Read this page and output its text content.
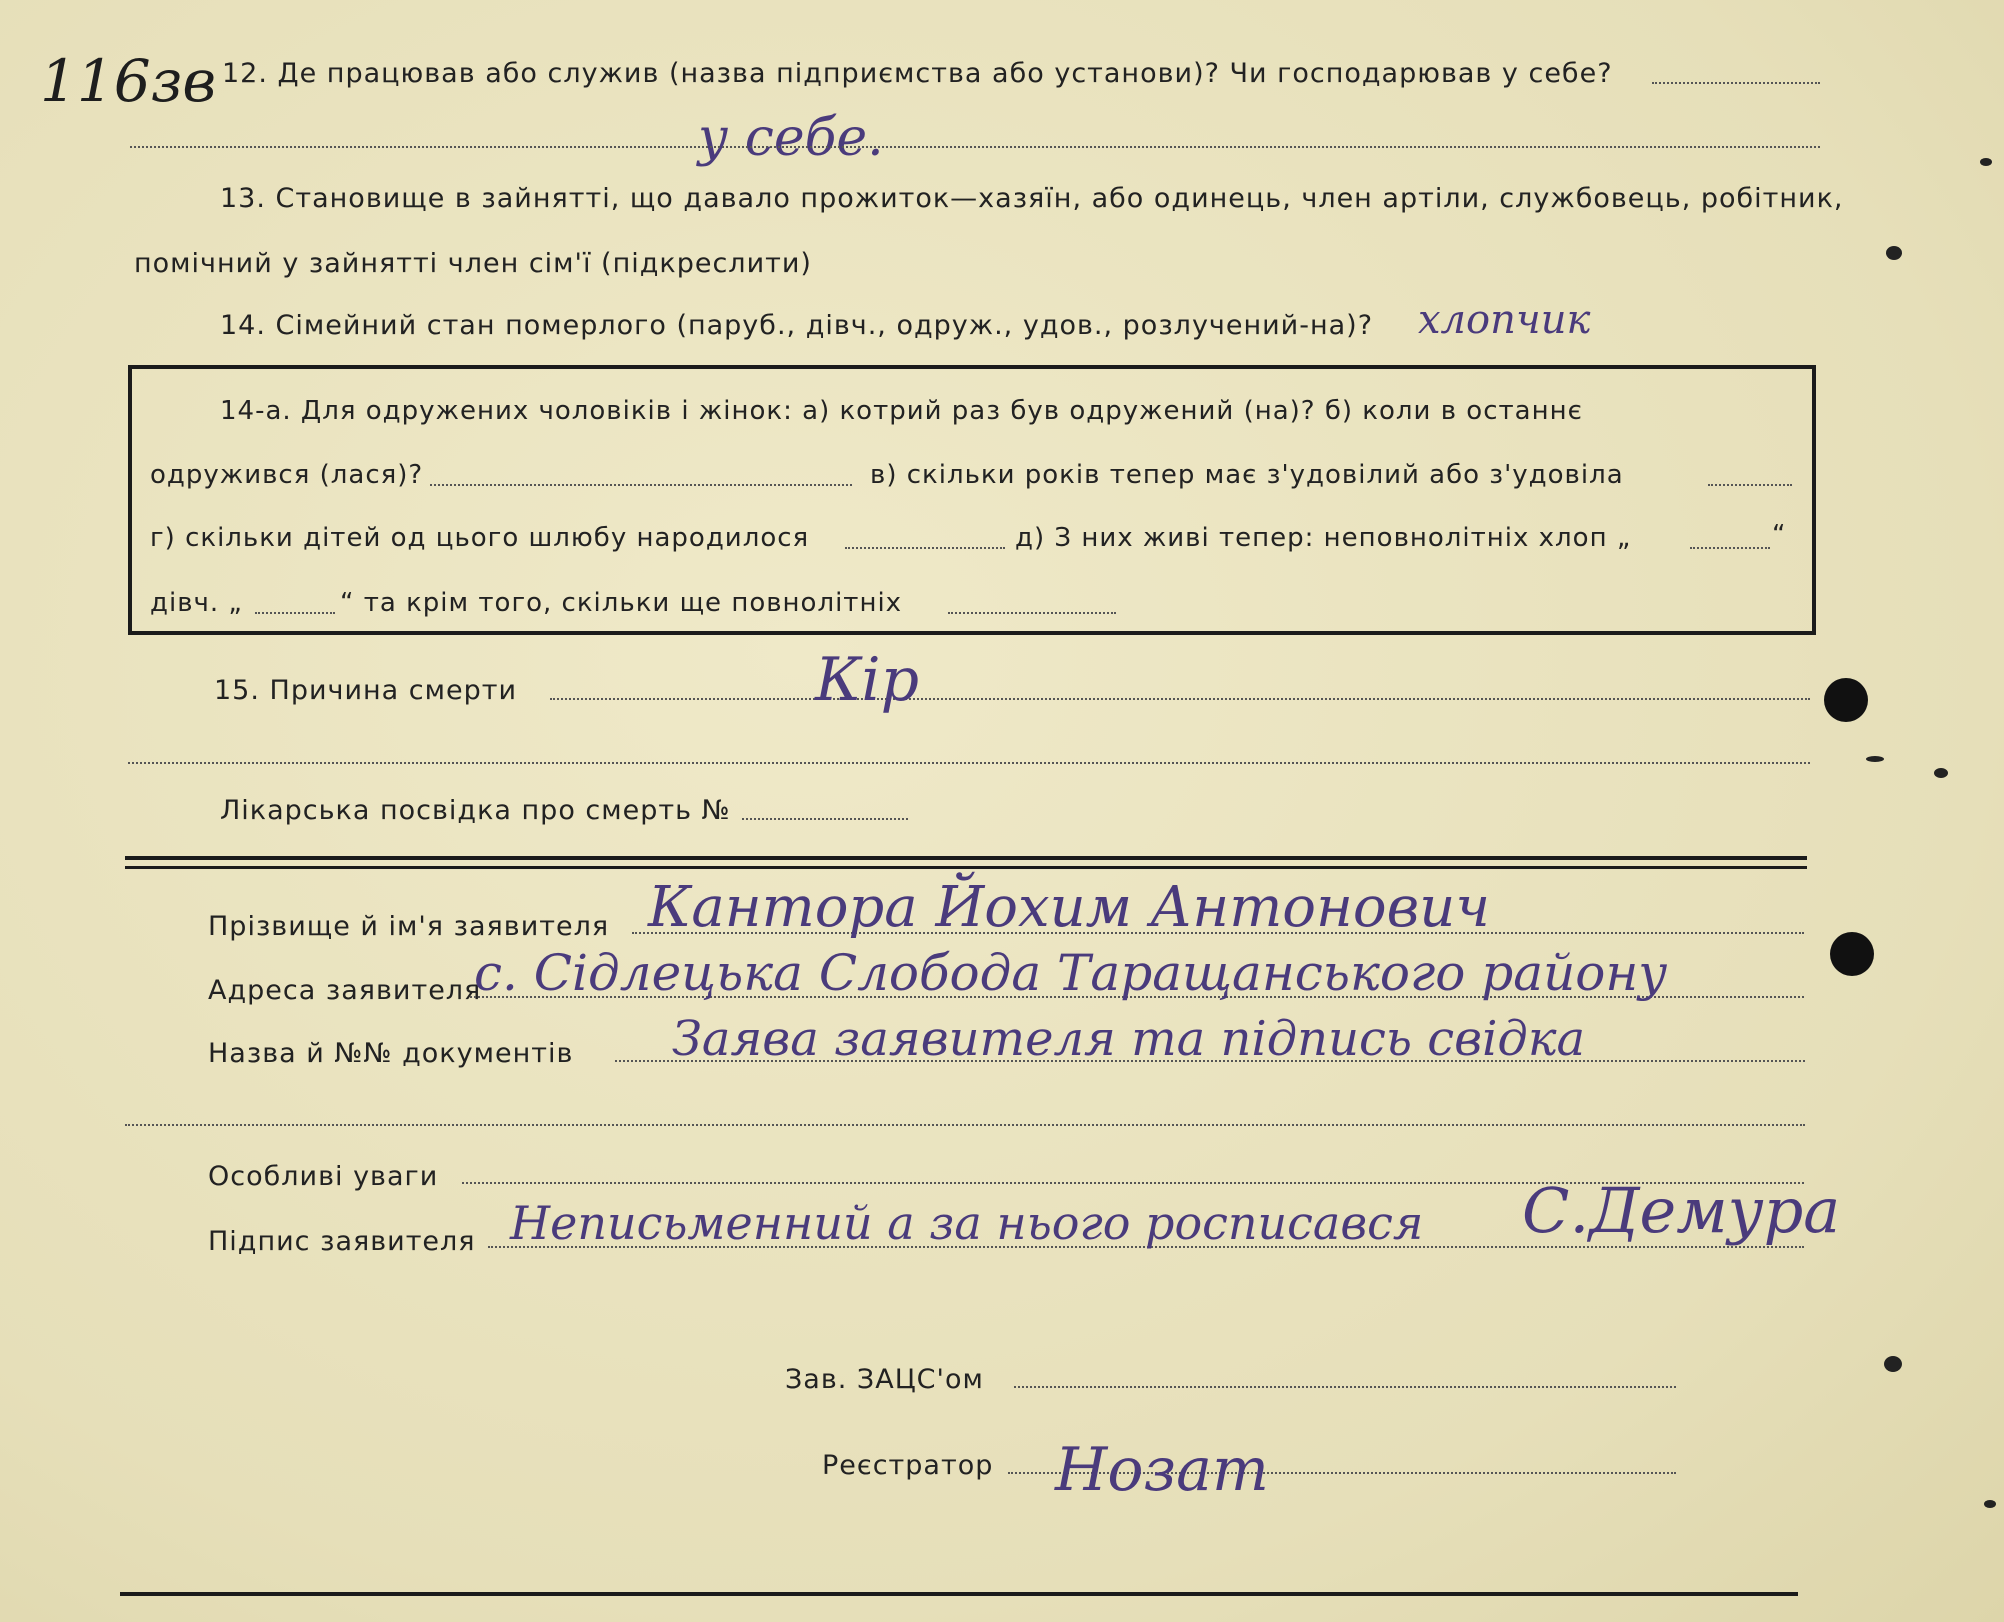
116зв 12. Де працював або служив (назва підприємства або установи)? Чи господарював у себе?
у себе.
13. Становище в зайнятті, що давало прожиток—хазяїн, або одинець, член артіли, службовець, робітник,
помічний у зайнятті член сім'ї (підкреслити)
14. Сімейний стан померлого (паруб., дівч., одруж., удов., розлучений-на)? хлопчик
14-а. Для одружених чоловіків і жінок: а) котрий раз був одружений (на)? б) коли в останнє
одружився (лася)?	в) скільки років тепер має з'удовілий або з'удовіла
г) скільки дітей од цього шлюбу народилося	д) З них живі тепер: неповнолітніх хлоп „	“
дівч. „	“ та крім того, скільки ще повнолітніх
15. Причина смерти	Кір
Лікарська посвідка про смерть №
Прізвище й ім'я заявителя Кантора Йохим Антонович
Адреса заявителя
с. Сідлецька Слобода Таращанського району
Назва й №№ документів Заява заявителя та підпись свідка
Особливі уваги
Підпис заявителя Неписьменний а за нього росписався С.Демура
Зав. ЗАЦС'ом
Реєстратор Нозат
